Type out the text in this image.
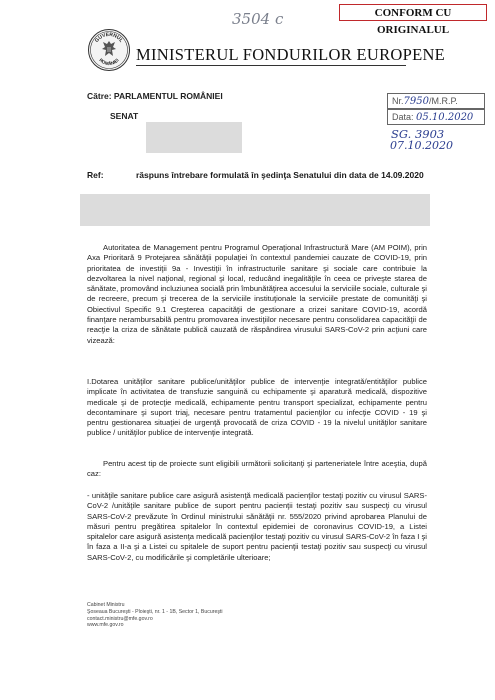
3504 c	CONFORM CU ORIGINALUL
GUVERNUL
ROMÂNIEI MINISTERUL FONDURILOR EUROPENE
Către: PARLAMENTUL ROMÂNIEI
SENAT
Nr.7950/M.R.P.
Data: 05.10.2020
SG. 3903
07.10.2020
Ref:	răspuns întrebare formulată în şedinţa Senatului din data de 14.09.2020
Autoritatea de Management pentru Programul Operaţional Infrastructură Mare (AM POIM), prin Axa Prioritară 9 Protejarea sănătăţii populaţiei în contextul pandemiei cauzate de COVID-19, prin prioritatea de investiţii 9a - Investiţii în infrastructurile sanitare şi sociale care contribuie la dezvoltarea la nivel naţional, regional şi local, reducând inegalităţile în ceea ce priveşte starea de sănătate, promovând incluziunea socială prin îmbunătăţirea accesului la serviciile sociale, culturale şi de recreere, precum şi trecerea de la serviciile instituţionale la serviciile prestate de comunităţi şi Obiectivul Specific 9.1 Creşterea capacităţii de gestionare a crizei sanitare COVID-19, acordă finanţare nerambursabilă pentru promovarea investiţiilor necesare pentru consolidarea capacităţii de reacţie la criza de sănătate publică cauzată de răspândirea virusului SARS-CoV-2 prin acţiuni care vizează:
I.Dotarea unităţilor sanitare publice/unităţilor publice de intervenţie integrată/entităţilor publice implicate în activitatea de transfuzie sanguină cu echipamente şi aparatură medicală, dispozitive medicale şi de protecţie medicală, echipamente pentru transport specializat, echipamente pentru decontaminare şi suport triaj, necesare pentru tratamentul pacienţilor cu infecţie COVID - 19 şi pentru gestionarea situaţiei de urgenţă provocată de criza COVID - 19 la nivelul unităţilor sanitare publice / unităţilor publice de intervenţie integrată.
Pentru acest tip de proiecte sunt eligibili următorii solicitanţi şi parteneriatele între aceştia, după caz:
- unităţile sanitare publice care asigură asistenţă medicală pacienţilor testaţi pozitiv cu virusul SARS-CoV-2 /unităţile sanitare publice de suport pentru pacienţii testaţi pozitiv sau suspecţi cu virusul SARS-CoV-2 prevăzute în Ordinul ministrului sănătăţii nr. 555/2020 privind aprobarea Planului de măsuri pentru pregătirea spitalelor în contextul epidemiei de coronavirus COVID-19, a Listei spitalelor care asigură asistenţa medicală pacienţilor testaţi pozitiv cu virusul SARS-CoV-2 în faza I şi în faza a II-a şi a Listei cu spitalele de suport pentru pacienţii testaţi pozitiv sau suspecţi cu virusul SARS-CoV-2, cu modificările şi completările ulterioare;
Cabinet Ministru
Şoseaua Bucureşti - Ploieşti, nr. 1 - 1B, Sector 1, Bucureşti
contact.ministru@mfe.gov.ro
www.mfe.gov.ro
